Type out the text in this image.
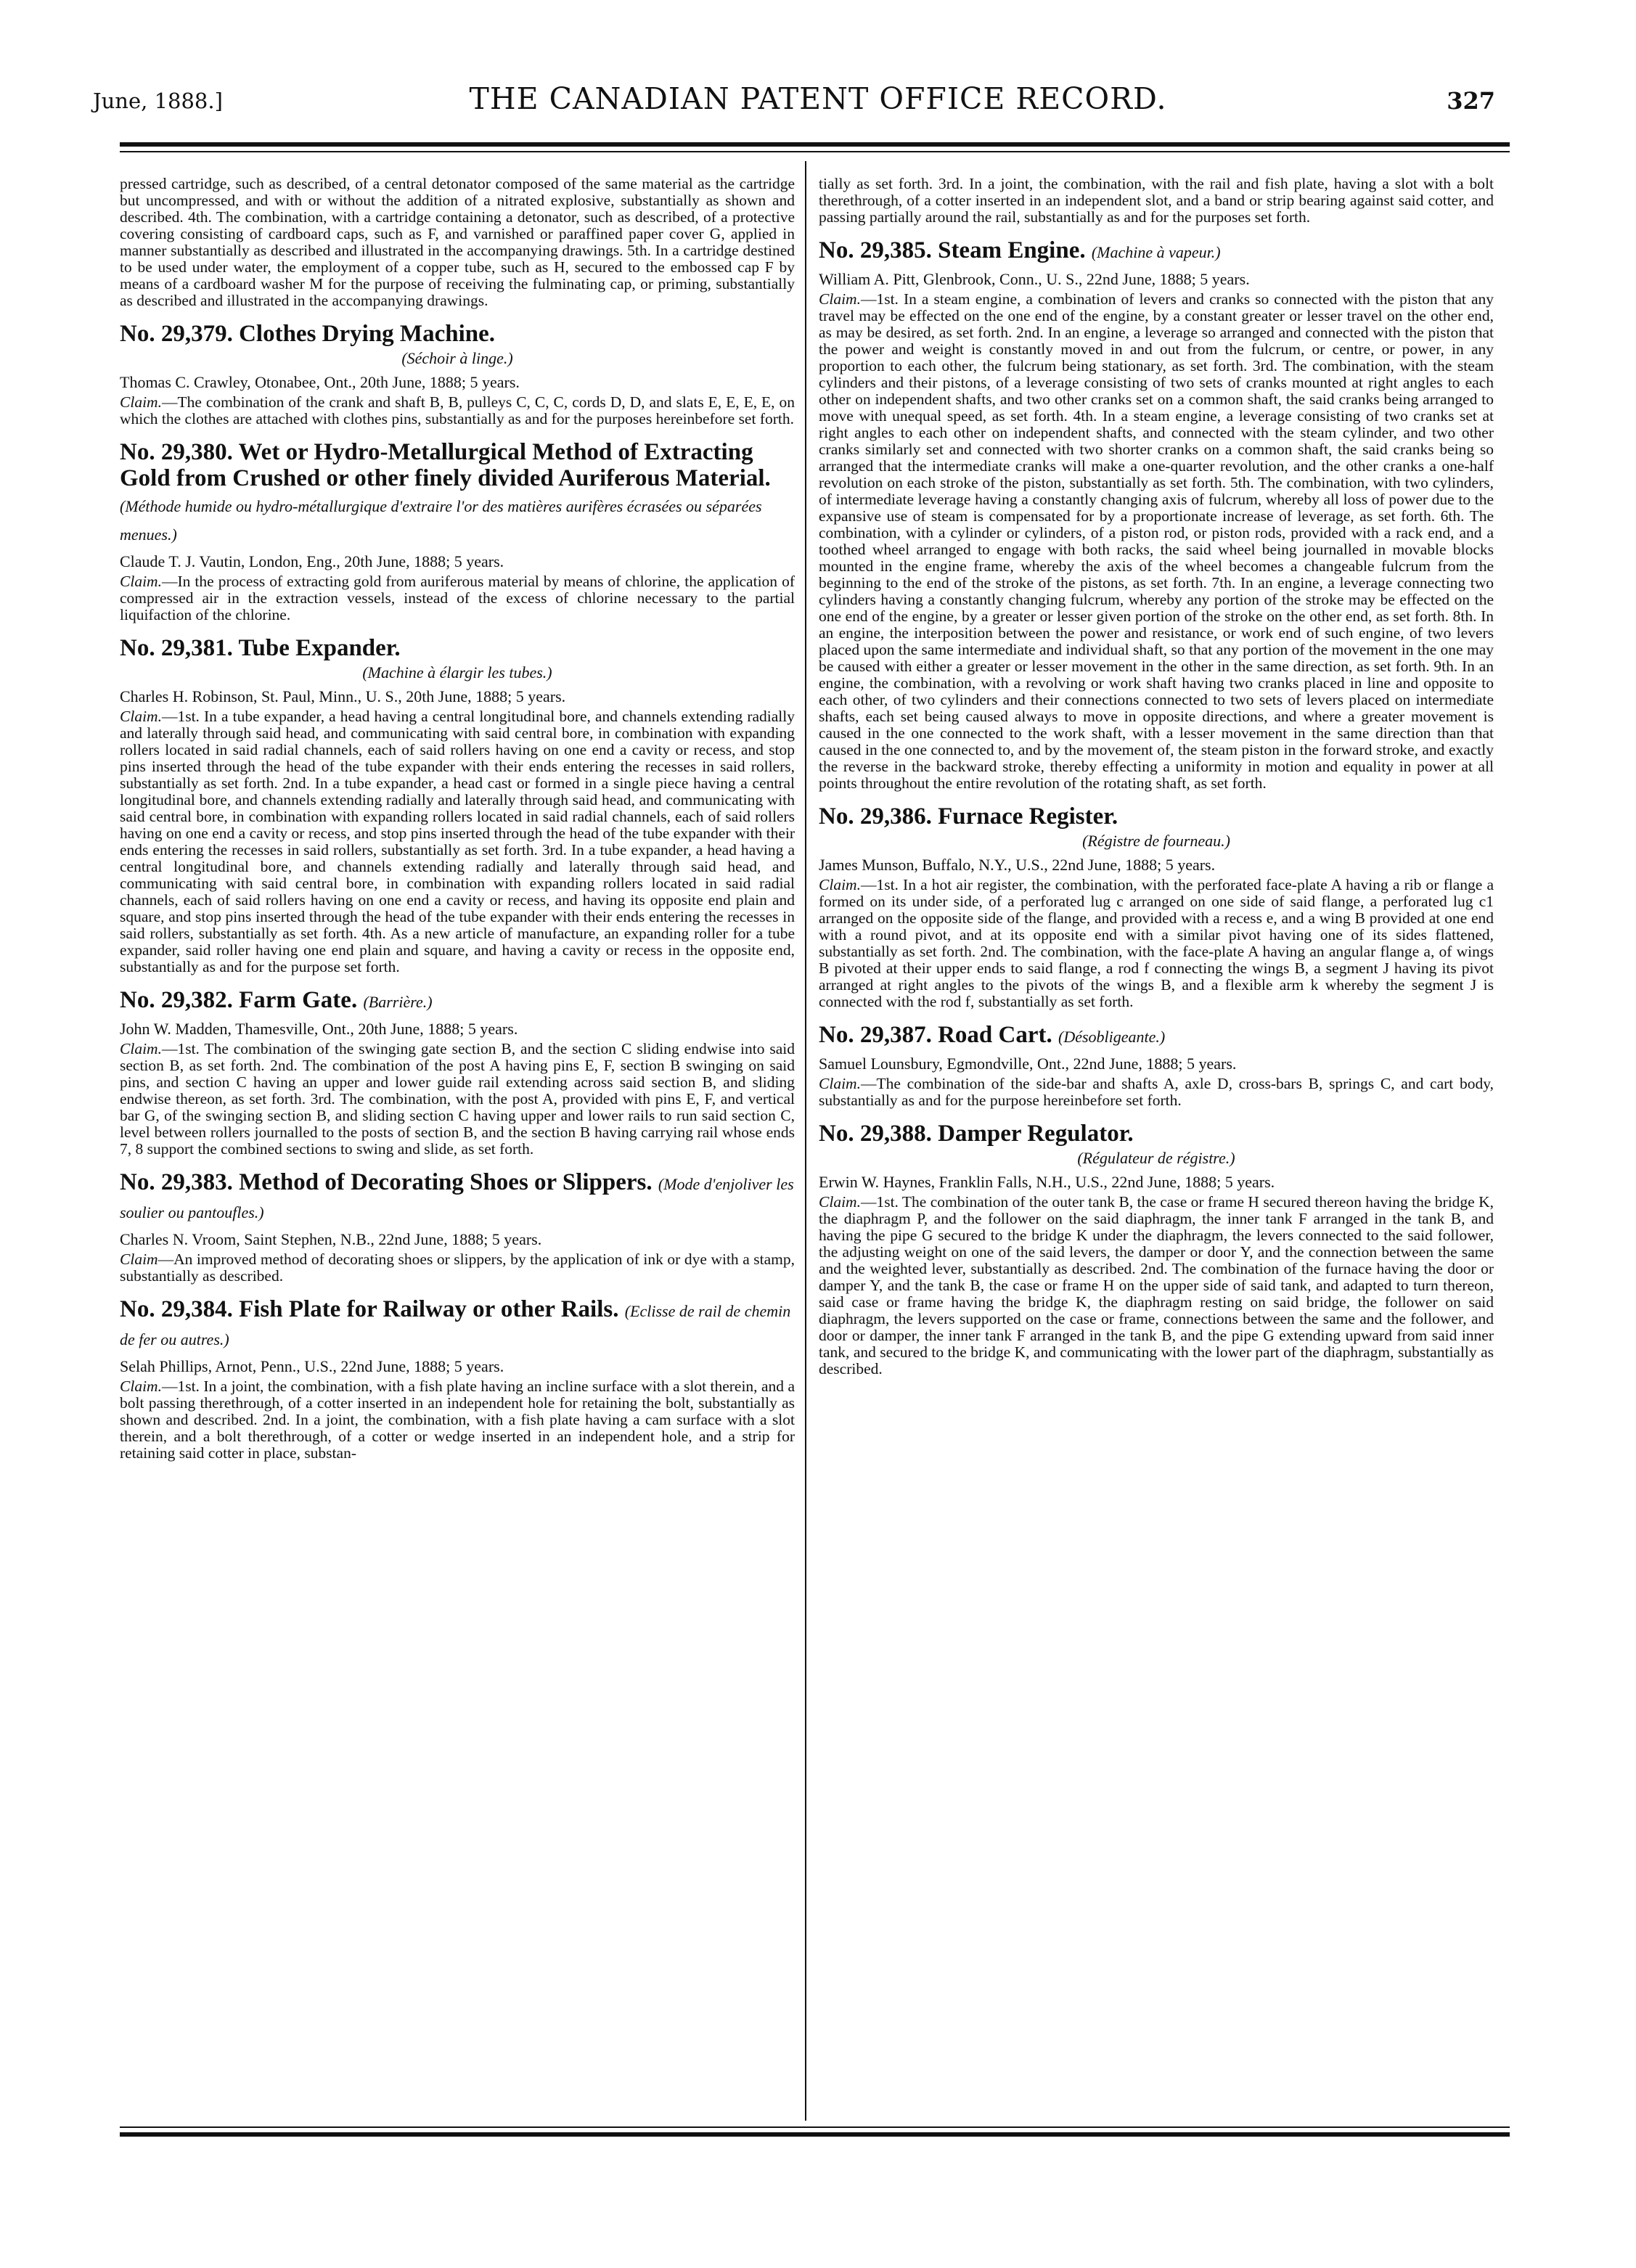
June, 1888.]	THE CANADIAN PATENT OFFICE RECORD.	327

pressed cartridge, such as described, of a central detonator composed of the same material as the cartridge but uncompressed, and with or without the addition of a nitrated explosive, substantially as shown and described. 4th. The combination, with a cartridge containing a detonator, such as described, of a protective covering consisting of cardboard caps, such as F, and varnished or paraffined paper cover G, applied in manner substantially as described and illustrated in the accompanying drawings. 5th. In a cartridge destined to be used under water, the employment of a copper tube, such as H, secured to the embossed cap F by means of a cardboard washer M for the purpose of receiving the fulminating cap, or priming, substantially as described and illustrated in the accompanying drawings.

No. 29,379. Clothes Drying Machine.

(Séchoir à linge.)

Thomas C. Crawley, Otonabee, Ont., 20th June, 1888; 5 years.

Claim.—The combination of the crank and shaft B, B, pulleys C, C, C, cords D, D, and slats E, E, E, E, on which the clothes are attached with clothes pins, substantially as and for the purposes hereinbefore set forth.

No. 29,380. Wet or Hydro-Metallurgical Method of Extracting Gold from Crushed or other finely divided Auriferous Material. (Méthode humide ou hydro-métallurgique d'extraire l'or des matières aurifères écrasées ou séparées menues.)

Claude T. J. Vautin, London, Eng., 20th June, 1888; 5 years.

Claim.—In the process of extracting gold from auriferous material by means of chlorine, the application of compressed air in the extraction vessels, instead of the excess of chlorine necessary to the partial liquifaction of the chlorine.

No. 29,381. Tube Expander.

(Machine à élargir les tubes.)

Charles H. Robinson, St. Paul, Minn., U. S., 20th June, 1888; 5 years.

Claim.—1st. In a tube expander, a head having a central longitudinal bore, and channels extending radially and laterally through said head, and communicating with said central bore, in combination with expanding rollers located in said radial channels, each of said rollers having on one end a cavity or recess, and stop pins inserted through the head of the tube expander with their ends entering the recesses in said rollers, substantially as set forth. 2nd. In a tube expander, a head cast or formed in a single piece having a central longitudinal bore, and channels extending radially and laterally through said head, and communicating with said central bore, in combination with expanding rollers located in said radial channels, each of said rollers having on one end a cavity or recess, and stop pins inserted through the head of the tube expander with their ends entering the recesses in said rollers, substantially as set forth. 3rd. In a tube expander, a head having a central longitudinal bore, and channels extending radially and laterally through said head, and communicating with said central bore, in combination with expanding rollers located in said radial channels, each of said rollers having on one end a cavity or recess, and having its opposite end plain and square, and stop pins inserted through the head of the tube expander with their ends entering the recesses in said rollers, substantially as set forth. 4th. As a new article of manufacture, an expanding roller for a tube expander, said roller having one end plain and square, and having a cavity or recess in the opposite end, substantially as and for the purpose set forth.

No. 29,382. Farm Gate. (Barrière.)

John W. Madden, Thamesville, Ont., 20th June, 1888; 5 years.

Claim.—1st. The combination of the swinging gate section B, and the section C sliding endwise into said section B, as set forth. 2nd. The combination of the post A having pins E, F, section B swinging on said pins, and section C having an upper and lower guide rail extending across said section B, and sliding endwise thereon, as set forth. 3rd. The combination, with the post A, provided with pins E, F, and vertical bar G, of the swinging section B, and sliding section C having upper and lower rails to run said section C, level between rollers journalled to the posts of section B, and the section B having carrying rail whose ends 7, 8 support the combined sections to swing and slide, as set forth.

No. 29,383. Method of Decorating Shoes or Slippers. (Mode d'enjoliver les soulier ou pantoufles.)

Charles N. Vroom, Saint Stephen, N.B., 22nd June, 1888; 5 years.

Claim—An improved method of decorating shoes or slippers, by the application of ink or dye with a stamp, substantially as described.

No. 29,384. Fish Plate for Railway or other Rails. (Eclisse de rail de chemin de fer ou autres.)

Selah Phillips, Arnot, Penn., U.S., 22nd June, 1888; 5 years.

Claim.—1st. In a joint, the combination, with a fish plate having an incline surface with a slot therein, and a bolt passing therethrough, of a cotter inserted in an independent hole for retaining the bolt, substantially as shown and described. 2nd. In a joint, the combination, with a fish plate having a cam surface with a slot therein, and a bolt therethrough, of a cotter or wedge inserted in an independent hole, and a strip for retaining said cotter in place, substan-

tially as set forth. 3rd. In a joint, the combination, with the rail and fish plate, having a slot with a bolt therethrough, of a cotter inserted in an independent slot, and a band or strip bearing against said cotter, and passing partially around the rail, substantially as and for the purposes set forth.

No. 29,385. Steam Engine. (Machine à vapeur.)

William A. Pitt, Glenbrook, Conn., U. S., 22nd June, 1888; 5 years.

Claim.—1st. In a steam engine, a combination of levers and cranks so connected with the piston that any travel may be effected on the one end of the engine, by a constant greater or lesser travel on the other end, as may be desired, as set forth. 2nd. In an engine, a leverage so arranged and connected with the piston that the power and weight is constantly moved in and out from the fulcrum, or centre, or power, in any proportion to each other, the fulcrum being stationary, as set forth. 3rd. The combination, with the steam cylinders and their pistons, of a leverage consisting of two sets of cranks mounted at right angles to each other on independent shafts, and two other cranks set on a common shaft, the said cranks being arranged to move with unequal speed, as set forth. 4th. In a steam engine, a leverage consisting of two cranks set at right angles to each other on independent shafts, and connected with the steam cylinder, and two other cranks similarly set and connected with two shorter cranks on a common shaft, the said cranks being so arranged that the intermediate cranks will make a one-quarter revolution, and the other cranks a one-half revolution on each stroke of the piston, substantially as set forth. 5th. The combination, with two cylinders, of intermediate leverage having a constantly changing axis of fulcrum, whereby all loss of power due to the expansive use of steam is compensated for by a proportionate increase of leverage, as set forth. 6th. The combination, with a cylinder or cylinders, of a piston rod, or piston rods, provided with a rack end, and a toothed wheel arranged to engage with both racks, the said wheel being journalled in movable blocks mounted in the engine frame, whereby the axis of the wheel becomes a changeable fulcrum from the beginning to the end of the stroke of the pistons, as set forth. 7th. In an engine, a leverage connecting two cylinders having a constantly changing fulcrum, whereby any portion of the stroke may be effected on the one end of the engine, by a greater or lesser given portion of the stroke on the other end, as set forth. 8th. In an engine, the interposition between the power and resistance, or work end of such engine, of two levers placed upon the same intermediate and individual shaft, so that any portion of the movement in the one may be caused with either a greater or lesser movement in the other in the same direction, as set forth. 9th. In an engine, the combination, with a revolving or work shaft having two cranks placed in line and opposite to each other, of two cylinders and their connections connected to two sets of levers placed on intermediate shafts, each set being caused always to move in opposite directions, and where a greater movement is caused in the one connected to the work shaft, with a lesser movement in the same direction than that caused in the one connected to, and by the movement of, the steam piston in the forward stroke, and exactly the reverse in the backward stroke, thereby effecting a uniformity in motion and equality in power at all points throughout the entire revolution of the rotating shaft, as set forth.

No. 29,386. Furnace Register.

(Régistre de fourneau.)

James Munson, Buffalo, N.Y., U.S., 22nd June, 1888; 5 years.

Claim.—1st. In a hot air register, the combination, with the perforated face-plate A having a rib or flange a formed on its under side, of a perforated lug c arranged on one side of said flange, a perforated lug c1 arranged on the opposite side of the flange, and provided with a recess e, and a wing B provided at one end with a round pivot, and at its opposite end with a similar pivot having one of its sides flattened, substantially as set forth. 2nd. The combination, with the face-plate A having an angular flange a, of wings B pivoted at their upper ends to said flange, a rod f connecting the wings B, a segment J having its pivot arranged at right angles to the pivots of the wings B, and a flexible arm k whereby the segment J is connected with the rod f, substantially as set forth.

No. 29,387. Road Cart. (Désobligeante.)

Samuel Lounsbury, Egmondville, Ont., 22nd June, 1888; 5 years.

Claim.—The combination of the side-bar and shafts A, axle D, cross-bars B, springs C, and cart body, substantially as and for the purpose hereinbefore set forth.

No. 29,388. Damper Regulator.

(Régulateur de régistre.)

Erwin W. Haynes, Franklin Falls, N.H., U.S., 22nd June, 1888; 5 years.

Claim.—1st. The combination of the outer tank B, the case or frame H secured thereon having the bridge K, the diaphragm P, and the follower on the said diaphragm, the inner tank F arranged in the tank B, and having the pipe G secured to the bridge K under the diaphragm, the levers connected to the said follower, the adjusting weight on one of the said levers, the damper or door Y, and the connection between the same and the weighted lever, substantially as described. 2nd. The combination of the furnace having the door or damper Y, and the tank B, the case or frame H on the upper side of said tank, and adapted to turn thereon, said case or frame having the bridge K, the diaphragm resting on said bridge, the follower on said diaphragm, the levers supported on the case or frame, connections between the same and the follower, and door or damper, the inner tank F arranged in the tank B, and the pipe G extending upward from said inner tank, and secured to the bridge K, and communicating with the lower part of the diaphragm, substantially as described.
